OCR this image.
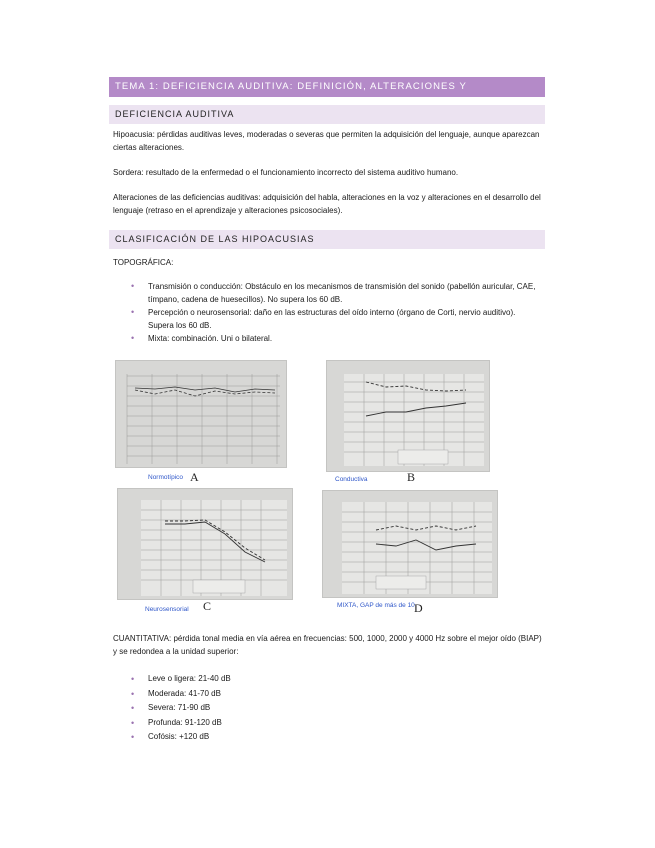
TEMA 1: DEFICIENCIA AUDITIVA: DEFINICIÓN, ALTERACIONES Y
DEFICIENCIA AUDITIVA
Hipoacusia: pérdidas auditivas leves, moderadas o severas que permiten la adquisición del lenguaje, aunque aparezcan ciertas alteraciones.
Sordera: resultado de la enfermedad o el funcionamiento incorrecto del sistema auditivo humano.
Alteraciones de las deficiencias auditivas: adquisición del habla, alteraciones en la voz y alteraciones en el desarrollo del lenguaje (retraso en el aprendizaje y alteraciones psicosociales).
CLASIFICACIÓN DE LAS HIPOACUSIAS
TOPOGRÁFICA:
• Transmisión o conducción: Obstáculo en los mecanismos de transmisión del sonido (pabellón auricular, CAE, tímpano, cadena de huesecillos). No supera los 60 dB.
• Percepción o neurosensorial: daño en las estructuras del oído interno (órgano de Corti, nervio auditivo). Supera los 60 dB.
• Mixta: combinación. Uni o bilateral.
Normotípico A	Conductiva	B
Neurosensorial C	MIXTA, GAP de más de 10 D
CUANTITATIVA: pérdida tonal media en vía aérea en frecuencias: 500, 1000, 2000 y 4000 Hz sobre el mejor oído (BIAP) y se redondea a la unidad superior:
• Leve o ligera: 21-40 dB
• Moderada: 41-70 dB
• Severa: 71-90 dB
• Profunda: 91-120 dB
• Cofósis: +120 dB
